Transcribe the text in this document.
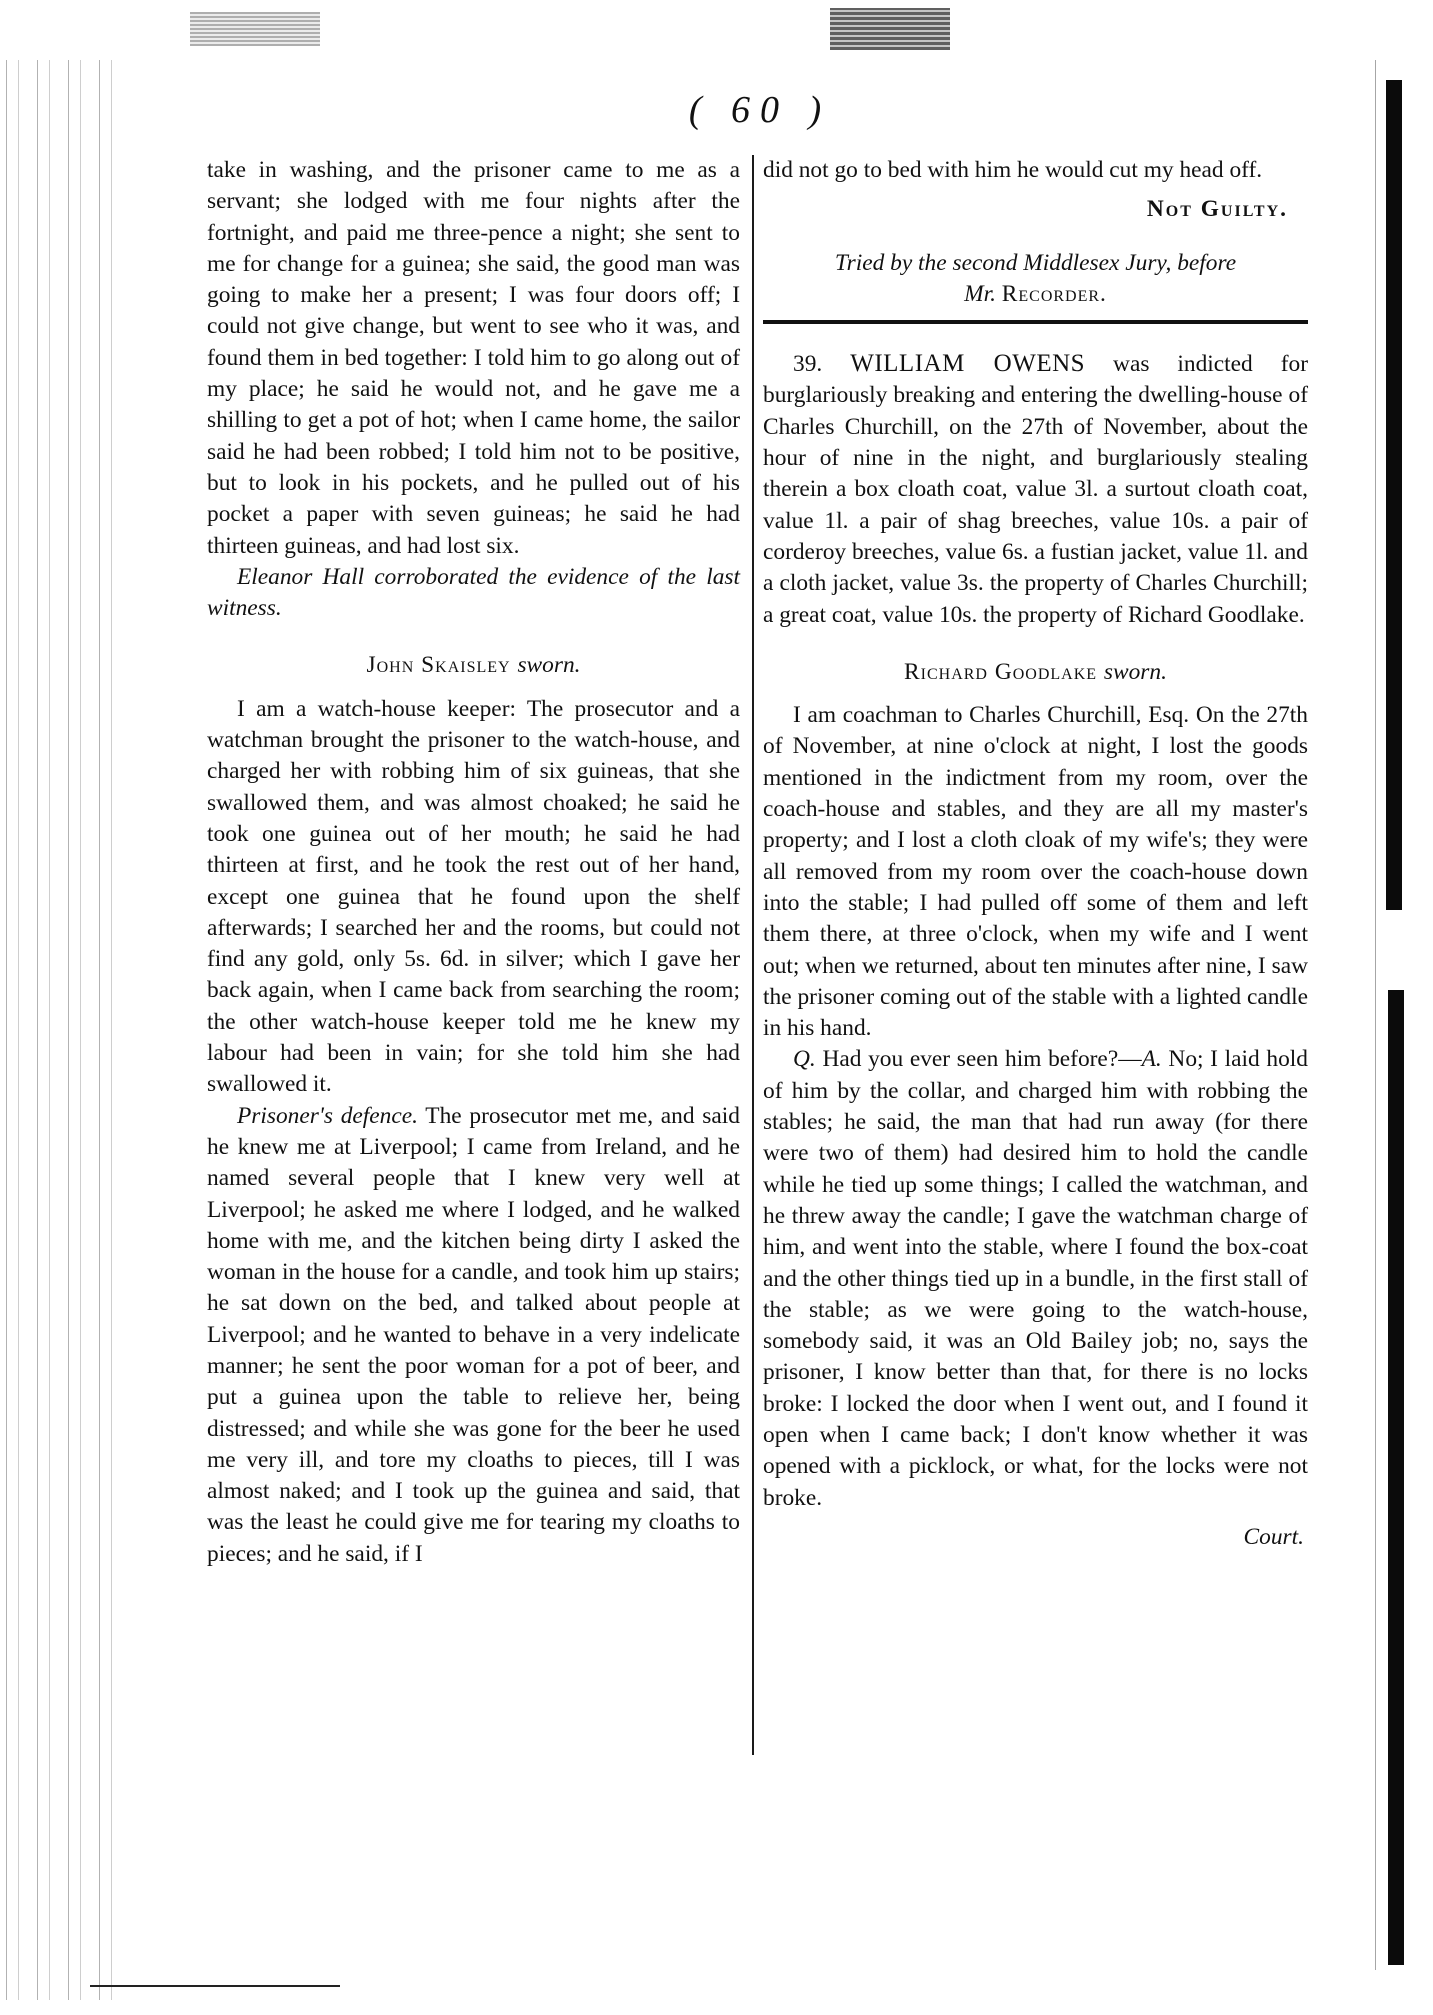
( 60 )

take in washing, and the prisoner came to me as a servant; she lodged with me four nights after the fortnight, and paid me three-pence a night; she sent to me for change for a guinea; she said, the good man was going to make her a present; I was four doors off; I could not give change, but went to see who it was, and found them in bed together: I told him to go along out of my place; he said he would not, and he gave me a shilling to get a pot of hot; when I came home, the sailor said he had been robbed; I told him not to be positive, but to look in his pockets, and he pulled out of his pocket a paper with seven guineas; he said he had thirteen guineas, and had lost six.

Eleanor Hall corroborated the evidence of the last witness.

John Skaisley sworn.

I am a watch-house keeper: The prosecutor and a watchman brought the prisoner to the watch-house, and charged her with robbing him of six guineas, that she swallowed them, and was almost choaked; he said he took one guinea out of her mouth; he said he had thirteen at first, and he took the rest out of her hand, except one guinea that he found upon the shelf afterwards; I searched her and the rooms, but could not find any gold, only 5s. 6d. in silver; which I gave her back again, when I came back from searching the room; the other watch-house keeper told me he knew my labour had been in vain; for she told him she had swallowed it.

Prisoner's defence. The prosecutor met me, and said he knew me at Liverpool; I came from Ireland, and he named several people that I knew very well at Liverpool; he asked me where I lodged, and he walked home with me, and the kitchen being dirty I asked the woman in the house for a candle, and took him up stairs; he sat down on the bed, and talked about people at Liverpool; and he wanted to behave in a very indelicate manner; he sent the poor woman for a pot of beer, and put a guinea upon the table to relieve her, being distressed; and while she was gone for the beer he used me very ill, and tore my cloaths to pieces, till I was almost naked; and I took up the guinea and said, that was the least he could give me for tearing my cloaths to pieces; and he said, if I

did not go to bed with him he would cut my head off.

Not Guilty.

Tried by the second Middlesex Jury, before

Mr. Recorder.

39. WILLIAM OWENS was indicted for burglariously breaking and entering the dwelling-house of Charles Churchill, on the 27th of November, about the hour of nine in the night, and burglariously stealing therein a box cloath coat, value 3l. a surtout cloath coat, value 1l. a pair of shag breeches, value 10s. a pair of corderoy breeches, value 6s. a fustian jacket, value 1l. and a cloth jacket, value 3s. the property of Charles Churchill; a great coat, value 10s. the property of Richard Goodlake.

Richard Goodlake sworn.

I am coachman to Charles Churchill, Esq. On the 27th of November, at nine o'clock at night, I lost the goods mentioned in the indictment from my room, over the coach-house and stables, and they are all my master's property; and I lost a cloth cloak of my wife's; they were all removed from my room over the coach-house down into the stable; I had pulled off some of them and left them there, at three o'clock, when my wife and I went out; when we returned, about ten minutes after nine, I saw the prisoner coming out of the stable with a lighted candle in his hand.

Q. Had you ever seen him before?—A. No; I laid hold of him by the collar, and charged him with robbing the stables; he said, the man that had run away (for there were two of them) had desired him to hold the candle while he tied up some things; I called the watchman, and he threw away the candle; I gave the watchman charge of him, and went into the stable, where I found the box-coat and the other things tied up in a bundle, in the first stall of the stable; as we were going to the watch-house, somebody said, it was an Old Bailey job; no, says the prisoner, I know better than that, for there is no locks broke: I locked the door when I went out, and I found it open when I came back; I don't know whether it was opened with a picklock, or what, for the locks were not broke.

Court.
